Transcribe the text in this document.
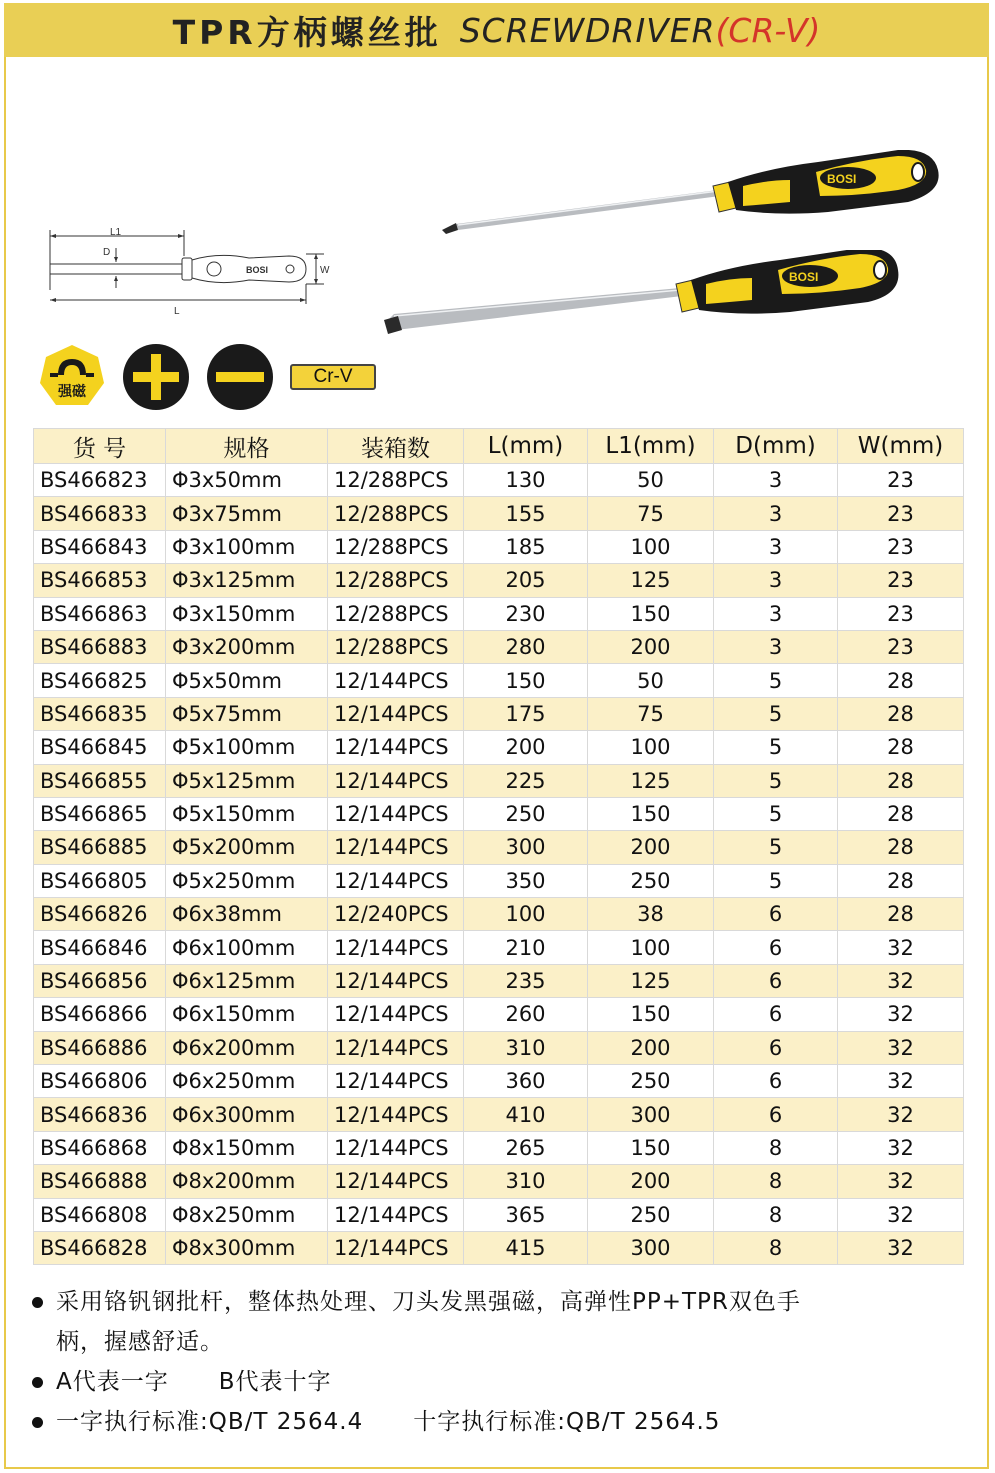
TPR方柄螺丝批 SCREWDRIVER (CR-V)
L1
D
BOSI	W
L
BOSI
BOSI
强磁
Cr-V
货 号	规格	装箱数	L(mm)	L1(mm)	D(mm)	W(mm)
BS466823	Φ3x50mm	12/288PCS	130	50	3	23
BS466833	Φ3x75mm	12/288PCS	155	75	3	23
BS466843	Φ3x100mm	12/288PCS	185	100	3	23
BS466853	Φ3x125mm	12/288PCS	205	125	3	23
BS466863	Φ3x150mm	12/288PCS	230	150	3	23
BS466883	Φ3x200mm	12/288PCS	280	200	3	23
BS466825	Φ5x50mm	12/144PCS	150	50	5	28
BS466835	Φ5x75mm	12/144PCS	175	75	5	28
BS466845	Φ5x100mm	12/144PCS	200	100	5	28
BS466855	Φ5x125mm	12/144PCS	225	125	5	28
BS466865	Φ5x150mm	12/144PCS	250	150	5	28
BS466885	Φ5x200mm	12/144PCS	300	200	5	28
BS466805	Φ5x250mm	12/144PCS	350	250	5	28
BS466826	Φ6x38mm	12/240PCS	100	38	6	28
BS466846	Φ6x100mm	12/144PCS	210	100	6	32
BS466856	Φ6x125mm	12/144PCS	235	125	6	32
BS466866	Φ6x150mm	12/144PCS	260	150	6	32
BS466886	Φ6x200mm	12/144PCS	310	200	6	32
BS466806	Φ6x250mm	12/144PCS	360	250	6	32
BS466836	Φ6x300mm	12/144PCS	410	300	6	32
BS466868	Φ8x150mm	12/144PCS	265	150	8	32
BS466888	Φ8x200mm	12/144PCS	310	200	8	32
BS466808	Φ8x250mm	12/144PCS	365	250	8	32
BS466828	Φ8x300mm	12/144PCS	415	300	8	32
采用铬钒钢批杆，整体热处理、刀头发黑强磁，高弹性PP+TPR双色手
柄，握感舒适。
A代表一字 B代表十字
一字执行标准:QB/T 2564.4 十字执行标准:QB/T 2564.5
